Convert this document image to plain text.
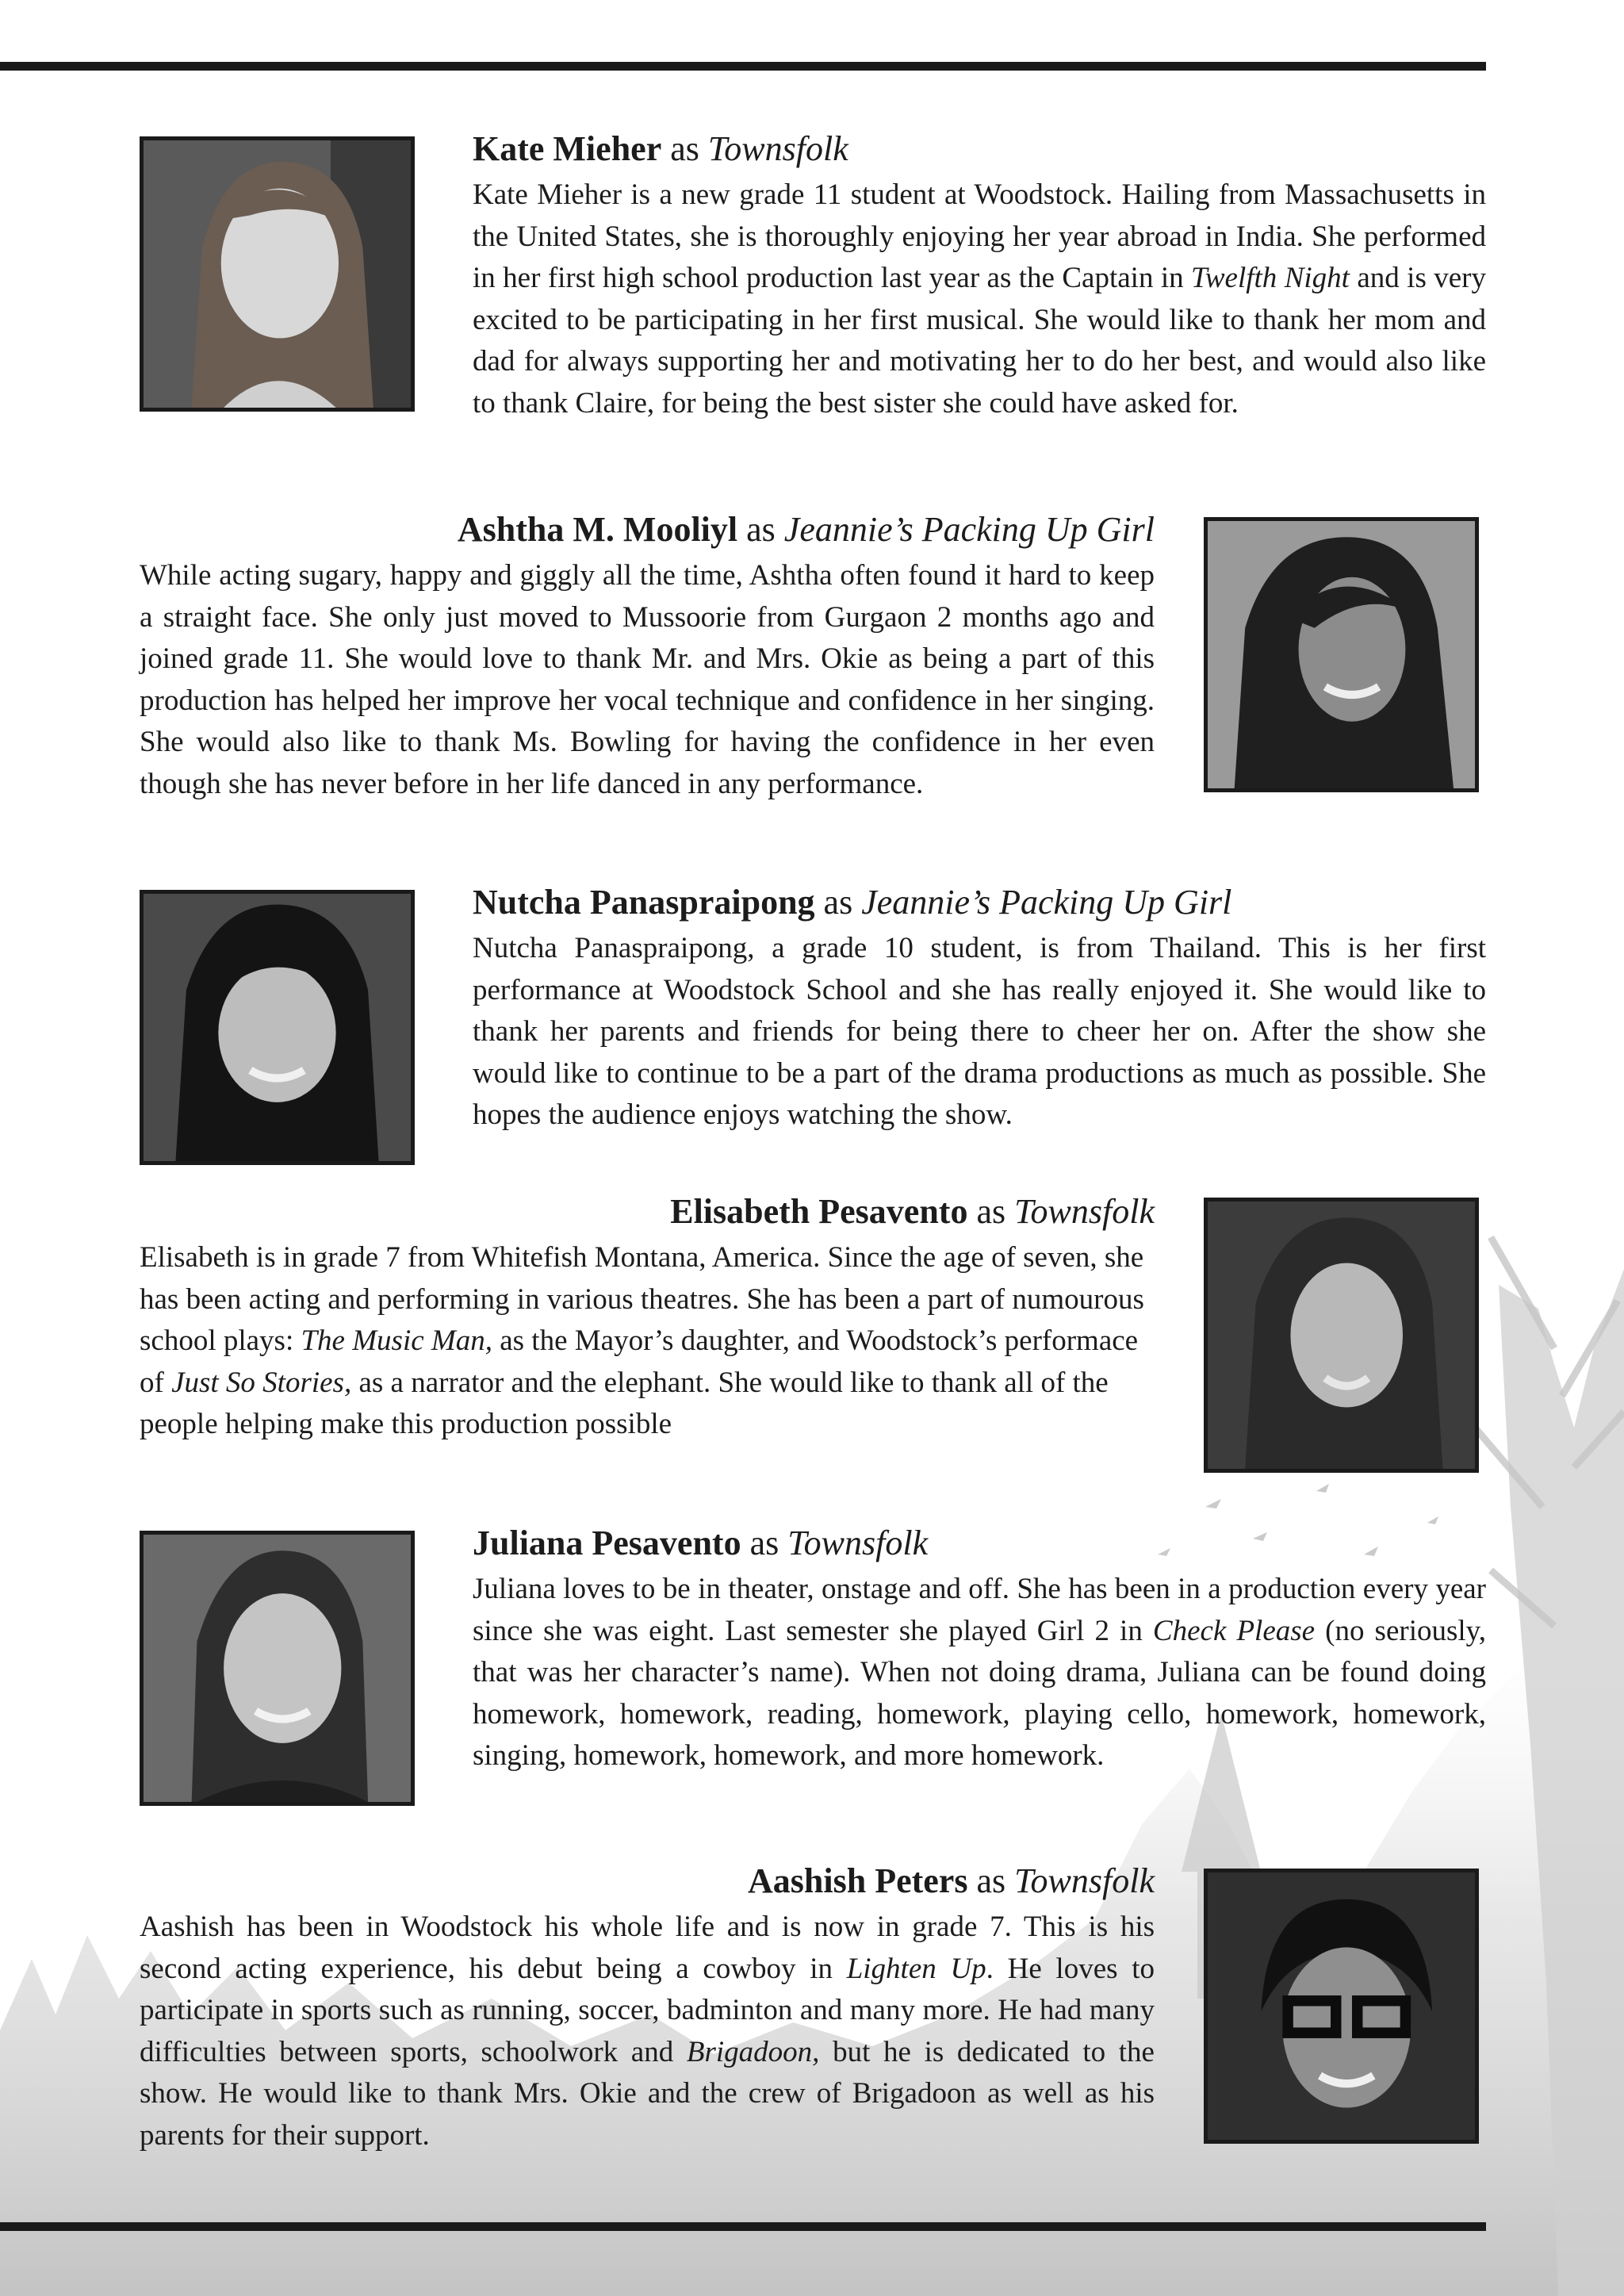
Kate Mieher as Townsfolk

Kate Mieher is a new grade 11 student at Woodstock. Hailing from Massachusetts in the United States, she is thoroughly enjoying her year abroad in India. She performed in her first high school production last year as the Captain in Twelfth Night and is very excited to be participating in her first musical. She would like to thank her mom and dad for always supporting her and motivating her to do her best, and would also like to thank Claire, for being the best sister she could have asked for.

Ashtha M. Mooliyl as Jeannie’s Packing Up Girl

While acting sugary, happy and giggly all the time, Ashtha often found it hard to keep a straight face. She only just moved to Mussoorie from Gurgaon 2 months ago and joined grade 11. She would love to thank Mr. and Mrs. Okie as being a part of this production has helped her improve her vocal technique and confidence in her singing. She would also like to thank Ms. Bowling for having the confidence in her even though she has never before in her life danced in any performance.

Nutcha Panaspraipong as Jeannie’s Packing Up Girl

Nutcha Panaspraipong, a grade 10 student, is from Thailand. This is her first performance at Woodstock School and she has really enjoyed it. She would like to thank her parents and friends for being there to cheer her on. After the show she would like to continue to be a part of the drama productions as much as possible. She hopes the audience enjoys watching the show.

Elisabeth Pesavento as Townsfolk

Elisabeth is in grade 7 from Whitefish Montana, America. Since the age of seven, she has been acting and performing in various theatres. She has been a part of numourous school plays: The Music Man, as the Mayor’s daughter, and Woodstock’s performace of Just So Stories, as a narrator and the elephant. She would like to thank all of the people helping make this production possible

Juliana Pesavento as Townsfolk

Juliana loves to be in theater, onstage and off. She has been in a production every year since she was eight. Last semester she played Girl 2 in Check Please (no seriously, that was her character’s name). When not doing drama, Juliana can be found doing homework, homework, reading, homework, playing cello, homework, homework, singing, homework, homework, and more homework.

Aashish Peters as Townsfolk

Aashish has been in Woodstock his whole life and is now in grade 7. This is his second acting experience, his debut being a cowboy in Lighten Up. He loves to participate in sports such as running, soccer, badminton and many more. He had many difficulties between sports, schoolwork and Brigadoon, but he is dedicated to the show. He would like to thank Mrs. Okie and the crew of Brigadoon as well as his parents for their support.
